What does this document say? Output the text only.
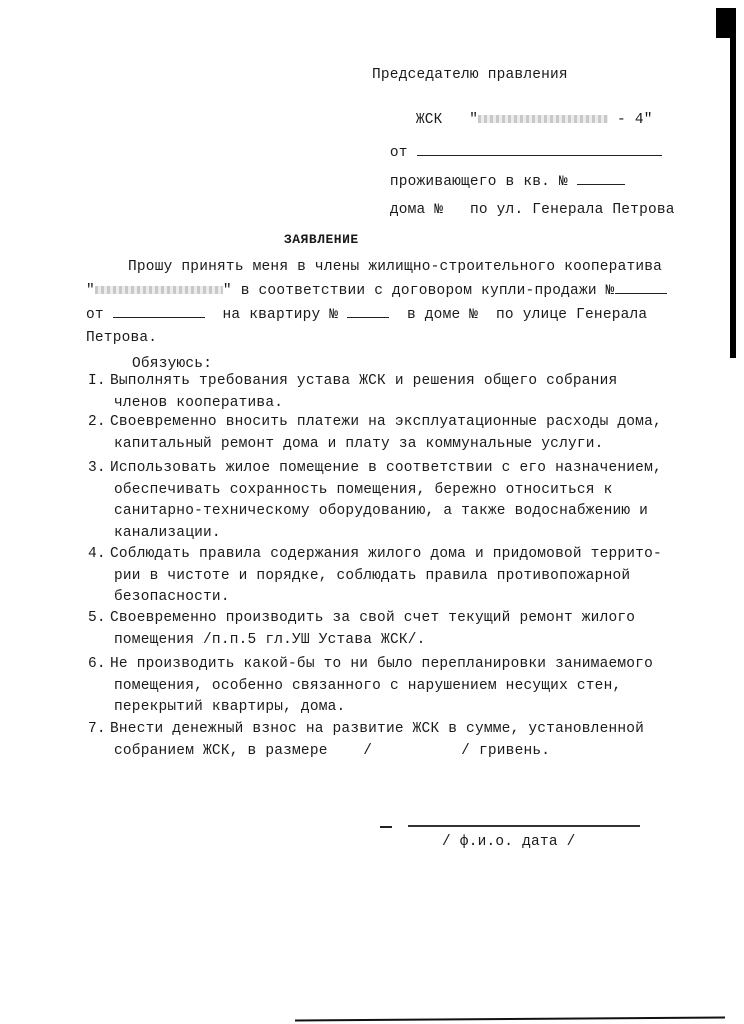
Председателю правления

ЖСК   "	- 4"

от

проживающего в кв. №

дома № по ул. Генерала Петрова

ЗАЯВЛЕНИЕ
Прошу принять меня в члены жилищно-строительного кооператива
"	" в соответствии с договором купли-продажи №
от	на квартиру №	в доме № по улице Генерала
Петрова.
Обязуюсь:
I. Выполнять требования устава ЖСК и решения общего собрания
членов кооператива.
2. Своевременно вносить платежи на эксплуатационные расходы дома,
капитальный ремонт дома и плату за коммунальные услуги.
3. Использовать жилое помещение в соответствии с его назначением,
обеспечивать сохранность помещения, бережно относиться к
санитарно-техническому оборудованию, а также водоснабжению и
канализации.
4. Соблюдать правила содержания жилого дома и придомовой террито-
рии в чистоте и порядке, соблюдать правила противопожарной
безопасности.
5. Своевременно производить за свой счет текущий ремонт жилого
помещения /п.п.5 гл.УШ Устава ЖСК/.
6. Не производить какой-бы то ни было перепланировки занимаемого
помещения, особенно связанного с нарушением несущих стен,
перекрытий квартиры, дома.
7. Внести денежный взнос на развитие ЖСК в сумме, установленной
собранием ЖСК, в размере    /          / гривень.
/ ф.и.о. дата /
